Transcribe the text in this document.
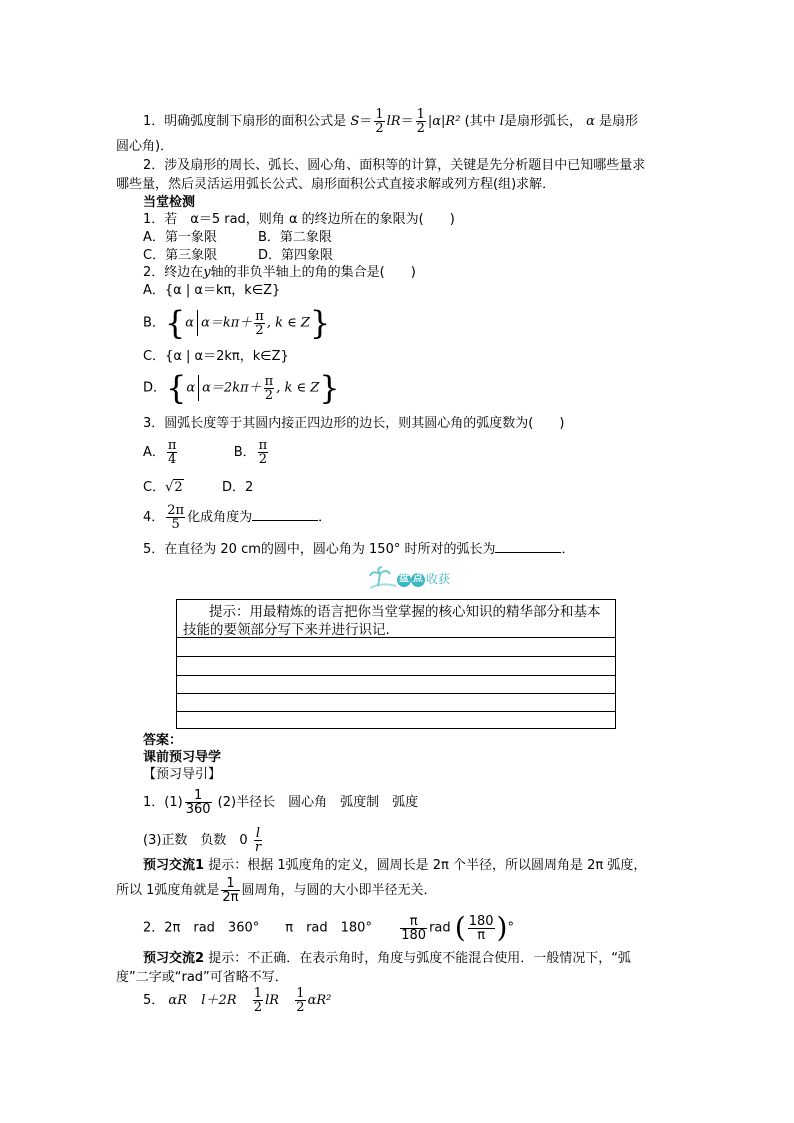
1．明确弧度制下扇形的面积公式是 $S= \frac{1}{2} lR= \frac{1}{2} |\alpha|R^2$ (其中 l是扇形弧长， α 是扇形
圆心角)．
2．涉及扇形的周长、弧长、圆心角、面积等的计算，关键是先分析题目中已知哪些量求
哪些量，然后灵活运用弧长公式、扇形面积公式直接求解或列方程(组)求解．
当堂检测
1．若　α＝5 rad，则角 α 的终边所在的象限为(　　)
A．第一象限	B．第二象限
C．第三象限	D．第四象限
2．终边在y轴的非负半轴上的角的集合是(　　)
A．{α | α＝kπ，k∈Z}
B．{α $\alpha=k\pi+ \frac{\pi}{2}$ , k ∈ Z}
C．{α | α＝2kπ，k∈Z}
D．{α $\alpha=2k\pi+ \frac{\pi}{2}$ , k ∈ Z}
3．圆弧长度等于其圆内接正四边形的边长，则其圆心角的弧度数为(　　)
A． $\frac{\pi}{4}$	B． $\frac{\pi}{2}$
C．√2	D．2
4． $\frac{2\pi}{5}$ 化成角度为	．
5．在直径为 20 cm的圆中，圆心角为 150° 时所对的弧长为	．
盘 点 收获
提示：用最精炼的语言把你当堂掌握的核心知识的精华部分和基本技能的要领部分写下来并进行识记.
答案：
课前预习导学
【预习导引】
1．$(1) \frac{1}{360} (2)$半径长　圆心角　弧度制　弧度
(3)正数　负数　$0 \frac{l}{r}$
预习交流1 提示：根据 1弧度角的定义，圆周长是 2π 个半径，所以圆周角是 2π 弧度，
所以 1弧度角就是 $\frac{1}{2\pi}$ 圆周角，与圆的大小即半径无关．
2．2π　rad　360°　　π　rad　$180^\circ \frac{\pi}{180}$ rad ( $\frac{180}{\pi}$ )°
预习交流2 提示：不正确．在表示角时，角度与弧度不能混合使用．一般情况下，“弧
度”二字或“rad”可省略不写．
5． αR $l+2R \frac{1}{2}$ lR $\frac{1}{2} \alpha R^2$
